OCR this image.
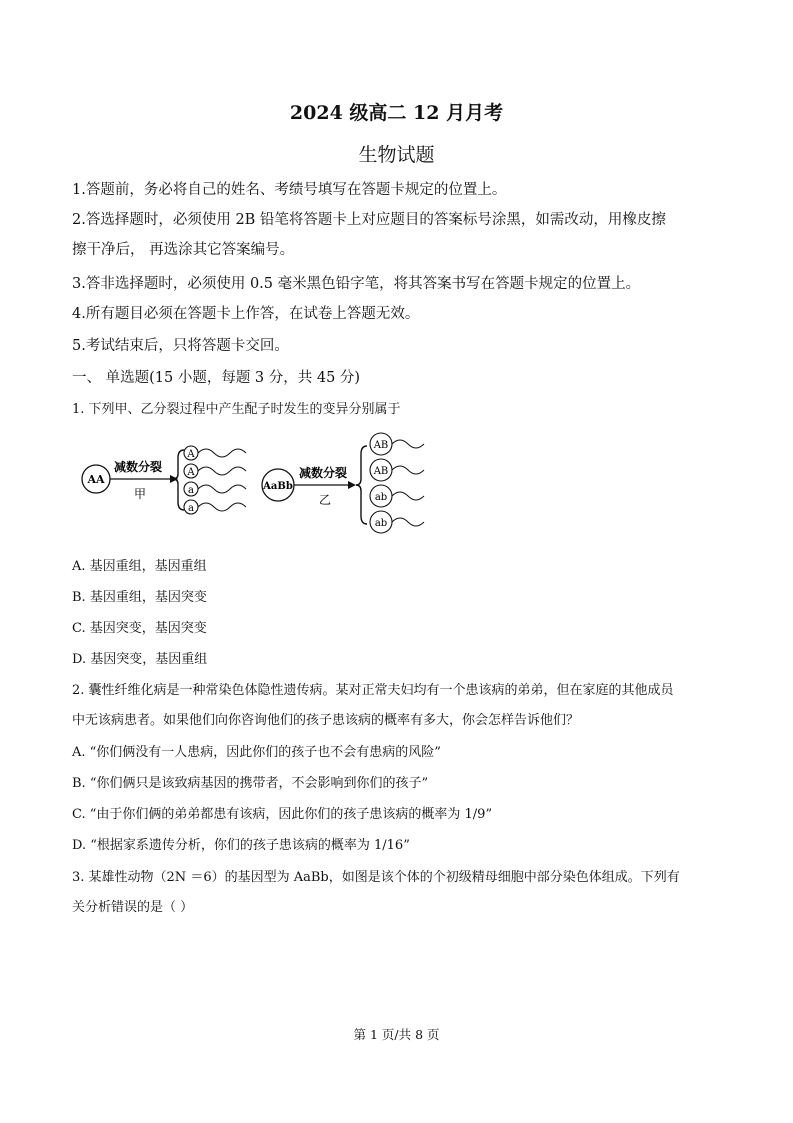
2024 级高二 12 月月考
生物试题
1.答题前，务必将自己的姓名、考绩号填写在答题卡规定的位置上。
2.答选择题时，必须使用 2B 铅笔将答题卡上对应题目的答案标号涂黑，如需改动，用橡皮擦
擦干净后， 再选涂其它答案编号。
3.答非选择题时，必须使用 0.5 毫米黑色铅字笔，将其答案书写在答题卡规定的位置上。
4.所有题目必须在答题卡上作答，在试卷上答题无效。
5.考试结束后，只将答题卡交回。
一、 单选题(15 小题，每题 3 分，共 45 分)
1. 下列甲、乙分裂过程中产生配子时发生的变异分别属于
AA
减数分裂
甲
A
A
a
a
AaBb
减数分裂
乙
AB
AB
ab
ab
A. 基因重组，基因重组
B. 基因重组，基因突变
C. 基因突变，基因突变
D. 基因突变，基因重组
2. 囊性纤维化病是一种常染色体隐性遗传病。某对正常夫妇均有一个患该病的弟弟，但在家庭的其他成员
中无该病患者。如果他们向你咨询他们的孩子患该病的概率有多大，你会怎样告诉他们？
A. “你们俩没有一人患病，因此你们的孩子也不会有患病的风险”
B. “你们俩只是该致病基因的携带者，不会影响到你们的孩子”
C. “由于你们俩的弟弟都患有该病，因此你们的孩子患该病的概率为 1/9”
D. “根据家系遗传分析，你们的孩子患该病的概率为 1/16”
3. 某雄性动物（2N ＝6）的基因型为 AaBb，如图是该个体的个初级精母细胞中部分染色体组成。下列有
关分析错误的是（ ）
第 1 页/共 8 页
